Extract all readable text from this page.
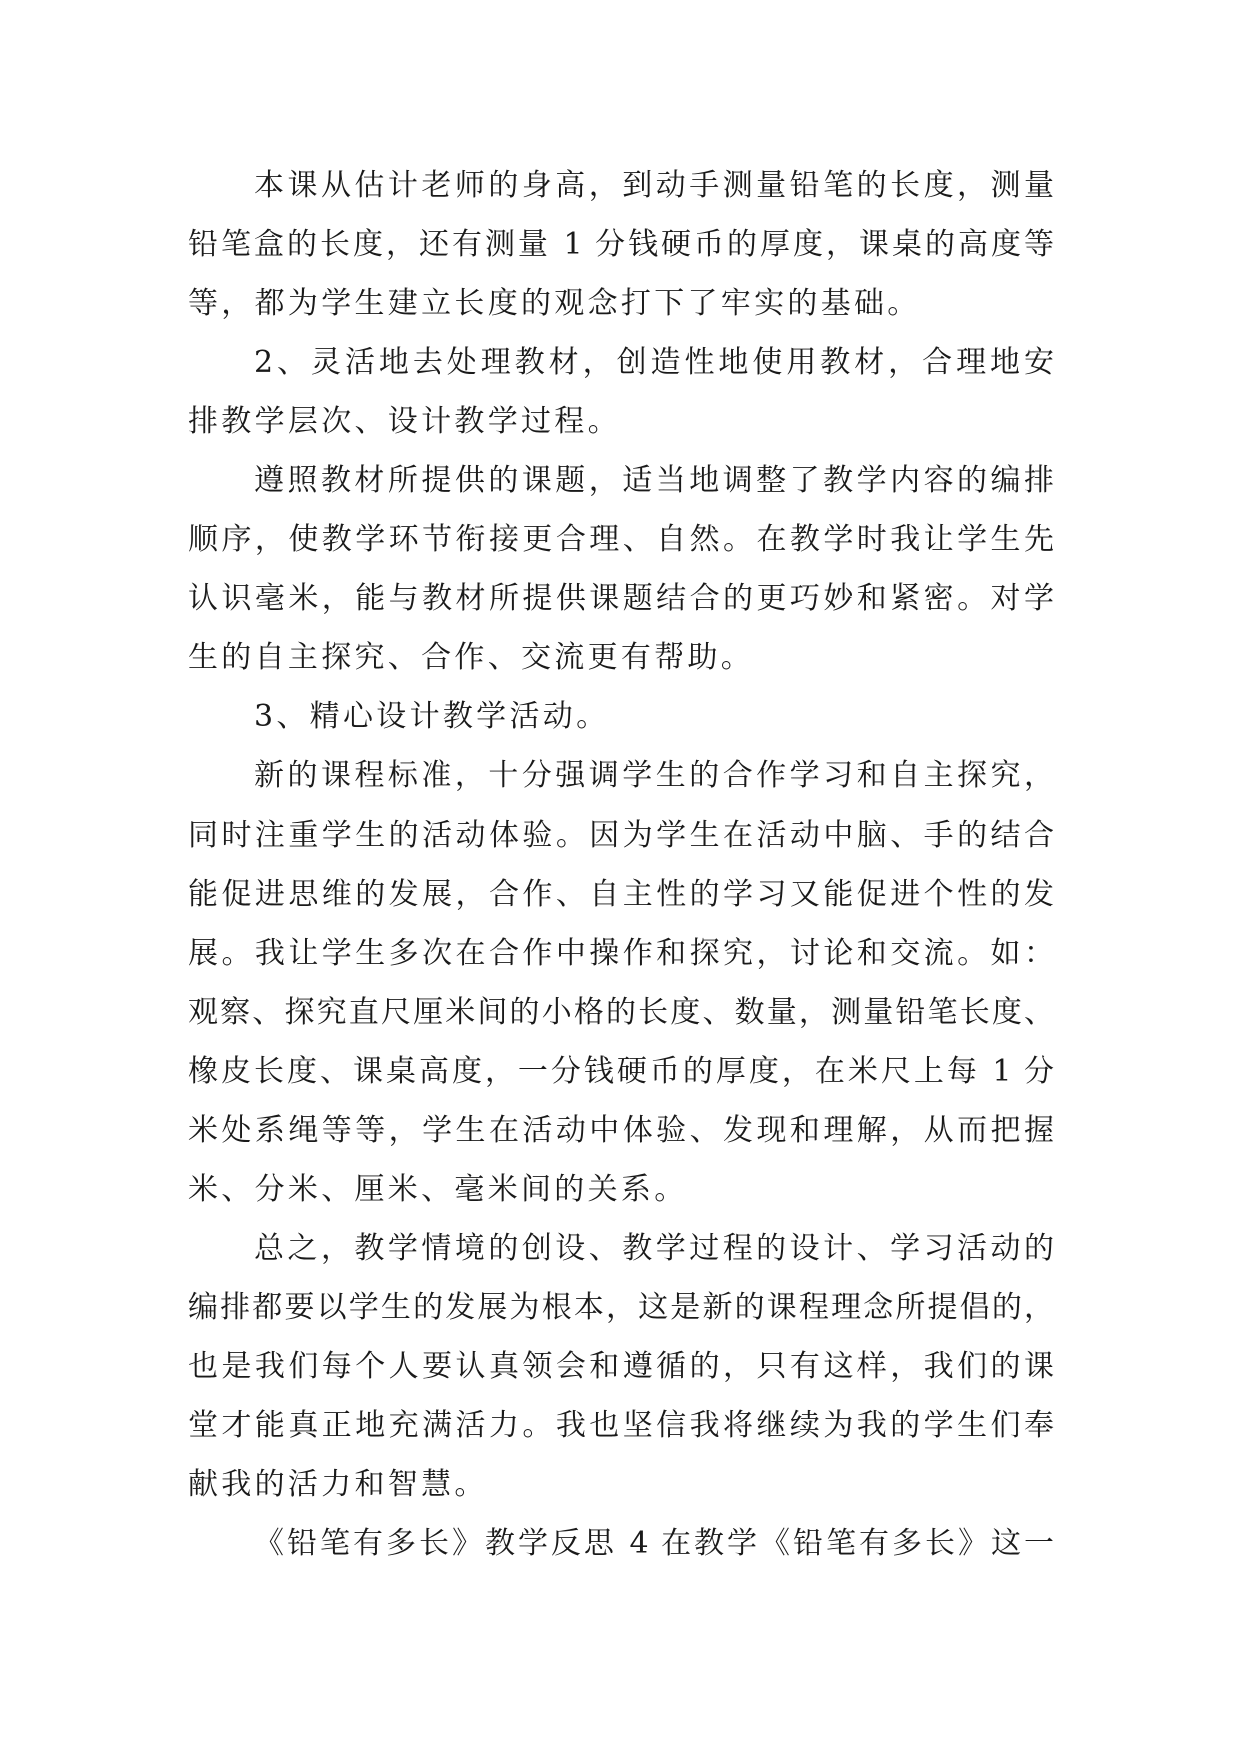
本课从估计老师的身高，到动手测量铅笔的长度，测量
铅笔盒的长度，还有测量 1 分钱硬币的厚度，课桌的高度等
等，都为学生建立长度的观念打下了牢实的基础。
2、灵活地去处理教材，创造性地使用教材，合理地安
排教学层次、设计教学过程。
遵照教材所提供的课题，适当地调整了教学内容的编排
顺序，使教学环节衔接更合理、自然。在教学时我让学生先
认识毫米，能与教材所提供课题结合的更巧妙和紧密。对学
生的自主探究、合作、交流更有帮助。
3、精心设计教学活动。
新的课程标准，十分强调学生的合作学习和自主探究，
同时注重学生的活动体验。因为学生在活动中脑、手的结合
能促进思维的发展，合作、自主性的学习又能促进个性的发
展。我让学生多次在合作中操作和探究，讨论和交流。如：
观察、探究直尺厘米间的小格的长度、数量，测量铅笔长度、
橡皮长度、课桌高度，一分钱硬币的厚度，在米尺上每 1 分
米处系绳等等，学生在活动中体验、发现和理解，从而把握
米、分米、厘米、毫米间的关系。
总之，教学情境的创设、教学过程的设计、学习活动的
编排都要以学生的发展为根本，这是新的课程理念所提倡的，
也是我们每个人要认真领会和遵循的，只有这样，我们的课
堂才能真正地充满活力。我也坚信我将继续为我的学生们奉
献我的活力和智慧。
《铅笔有多长》教学反思 4 在教学《铅笔有多长》这一
